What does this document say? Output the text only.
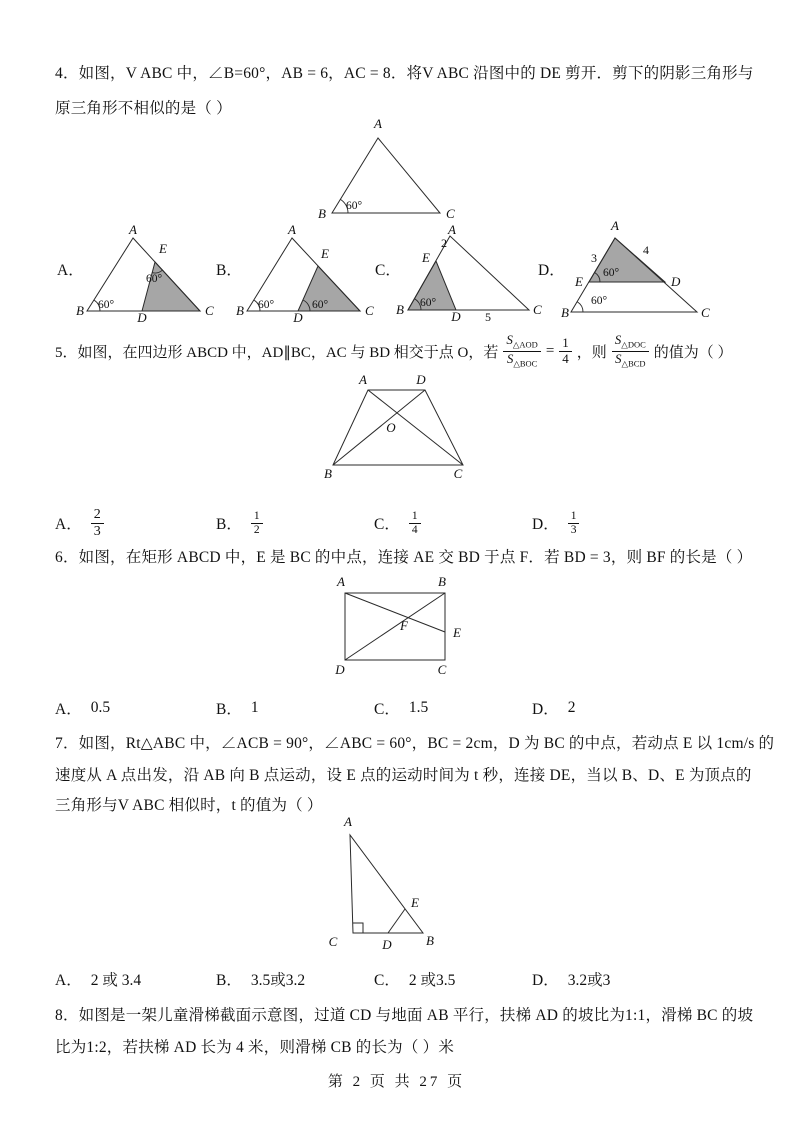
4．如图，V ABC 中，∠B=60°，AB = 6，AC = 8．将V ABC 沿图中的 DE 剪开．剪下的阴影三角形与
原三角形不相似的是（ ）
A
B	C
60°
A．	B．	C．	D．
A
E
B	D	C
60°
60°
A
E
B	D	C
60°	60°
A
2
E
B	D 5	C
60°
A
3
4
60°
E	D
60°
B	C
5．如图，在四边形 ABCD 中，AD∥BC，AC 与 BD 相交于点 O，若 $\frac{S_{\triangle AOD}}{S_{\triangle BOC}} = \frac{1}{4}$ ，则 $\frac{S_{\triangle DOC}}{S_{\triangle BCD}}$ 的值为（ ）
A	D
O
B	C
A． $\frac{2}{3}$	B． $\frac{1}{2}$	C． $\frac{1}{4}$	D． $\frac{1}{3}$
6．如图，在矩形 ABCD 中，E 是 BC 的中点，连接 AE 交 BD 于点 F．若 BD = 3，则 BF 的长是（ ）
A	B
F	E
D	C
A． 0.5	B． 1	C． 1.5	D． 2
7．如图，Rt△ABC 中，∠ACB = 90°，∠ABC = 60°，BC = 2cm，D 为 BC 的中点，若动点 E 以 1cm/s 的
速度从 A 点出发，沿 AB 向 B 点运动，设 E 点的运动时间为 t 秒，连接 DE，当以 B、D、E 为顶点的
三角形与V ABC 相似时，t 的值为（ ）
A
E
C	D	B
A． 2 或 3.4	B． 3.5或3.2	C． 2 或3.5	D． 3.2或3
8．如图是一架儿童滑梯截面示意图，过道 CD 与地面 AB 平行，扶梯 AD 的坡比为1:1，滑梯 BC 的坡
比为1:2，若扶梯 AD 长为 4 米，则滑梯 CB 的长为（ ）米
第 2 页 共 27 页
